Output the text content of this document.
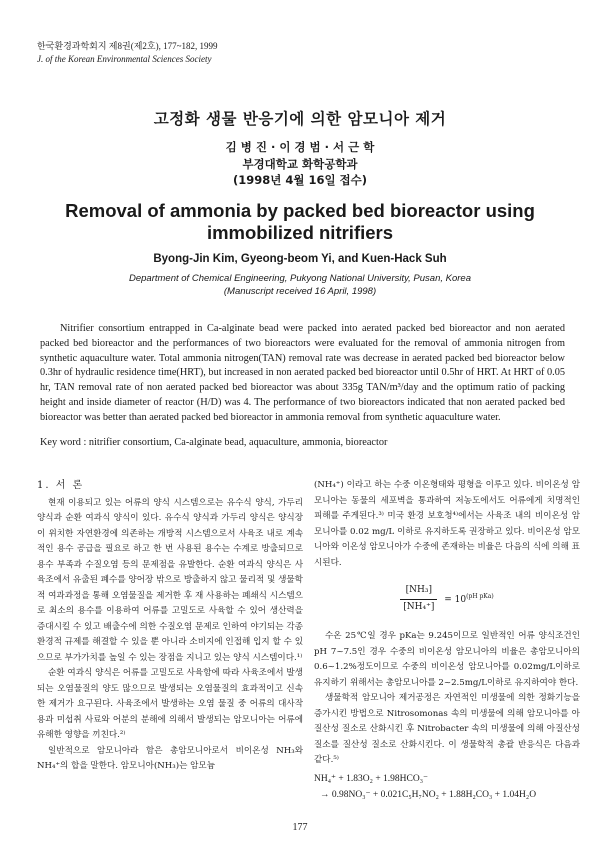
한국환경과학회지 제8권(제2호), 177~182, 1999
J. of the Korean Environmental Sciences Society
고정화 생물 반응기에 의한 암모니아 제거
김 병 진 · 이 경 범 · 서 근 학
부경대학교 화학공학과
(1998년 4월 16일 접수)
Removal of ammonia by packed bed bioreactor using
immobilized nitrifiers
Byong-Jin Kim, Gyeong-beom Yi, and Kuen-Hack Suh
Department of Chemical Engineering, Pukyong National University, Pusan, Korea
(Manuscript received 16 April, 1998)

Nitrifier consortium entrapped in Ca-alginate bead were packed into aerated packed bed bioreactor and non aerated packed bed bioreactor and the performances of two bioreactors were evaluated for the removal of ammonia nitrogen from synthetic aquaculture water. Total ammonia nitrogen(TAN) removal rate was decrease in aerated packed bed bioreactor below 0.3hr of hydraulic residence time(HRT), but increased in non aerated packed bed bioreactor until 0.5hr of HRT. At HRT of 0.05 hr, TAN removal rate of non aerated packed bed bioreactor was about 335g TAN/m³/day and the optimum ratio of packing height and inside diameter of reactor (H/D) was 4. The performance of two bioreactors indicated that non aerated packed bed bioreactor was better than aerated packed bed bioreactor in ammonia removal from synthetic aquaculture water.

Key word : nitrifier consortium, Ca-alginate bead, aquaculture, ammonia, bioreactor
1. 서 론

현재 이용되고 있는 어류의 양식 시스템으로는 유수식 양식, 가두리 양식과 순환 여과식 양식이 있다. 유수식 양식과 가두리 양식은 양식장이 위치한 자연환경에 의존하는 개방적 시스템으로서 사육조 내로 계속적인 용수 공급을 필요로 하고 한 번 사용된 용수는 수계로 방출되므로 용수 부족과 수질오염 등의 문제점을 유발한다. 순환 여과식 양식은 사육조에서 유출된 폐수를 양어장 밖으로 방출하지 않고 물리적 및 생물학적 여과과정을 통해 오염물질을 제거한 후 재 사용하는 폐쇄식 시스템으로 최소의 용수를 이용하여 어류를 고밀도로 사육할 수 있어 생산력을 증대시킬 수 있고 배출수에 의한 수질오염 문제로 인하여 야기되는 각종 환경적 규제를 해결할 수 있을 뿐 아니라 소비지에 인접해 입지 할 수 있으므로 부가가치를 높일 수 있는 장점을 지니고 있는 양식 시스템이다.¹⁾

순환 여과식 양식은 어류를 고밀도로 사육함에 따라 사육조에서 발생되는 오염물질의 양도 많으므로 발생되는 오염물질의 효과적이고 신속한 제거가 요구된다. 사육조에서 발생하는 오염 물질 중 어류의 대사작용과 미섭취 사료와 어분의 분해에 의해서 발생되는 암모니아는 어류에 유해한 영향을 끼친다.²⁾

일반적으로 암모니아라 함은 총암모니아로서 비이온성 NH₃와 NH₄⁺의 합을 말한다. 암모니아(NH₃)는 암모늄

(NH₄⁺) 이라고 하는 수중 이온형태와 평형을 이루고 있다. 비이온성 암모니아는 동물의 세포벽을 통과하여 저농도에서도 어류에게 치명적인 피해를 주게된다.³⁾ 미국 환경 보호청⁴⁾에서는 사육조 내의 비이온성 암모니아를 0.02 mg/L 이하로 유지하도록 권장하고 있다. 비이온성 암모니아와 이온성 암모니아가 수중에 존재하는 비율은 다음의 식에 의해 표시된다.

$\frac{\text{[NH₃]}}{\text{[NH₄⁺]}} = 10^{(pH pKa)}$

수온 25℃일 경우 pKa는 9.245이므로 일반적인 어류 양식조건인 pH 7~7.5인 경우 수중의 비이온성 암모니아의 비율은 총암모니아의 0.6~1.2%정도이므로 수중의 비이온성 암모니아를 0.02mg/L이하로 유지하기 위해서는 총암모니아를 2~2.5mg/L이하로 유지하여야 한다.

생물학적 암모니아 제거공정은 자연적인 미생물에 의한 정화기능을 증가시킨 방법으로 Nitrosomonas 속의 미생물에 의해 암모니아를 아질산성 질소로 산화시킨 후 Nitrobacter 속의 미생물에 의해 아질산성 질소를 질산성 질소로 산화시킨다. 이 생물학적 총괄 반응식은 다음과 같다.⁵⁾

NH₄⁺ + 1.83O₂ + 1.98HCO₃⁻
→ 0.98NO₃⁻ + 0.021C₅H₇NO₂ + 1.88H₂CO₃ + 1.04H₂O
177
